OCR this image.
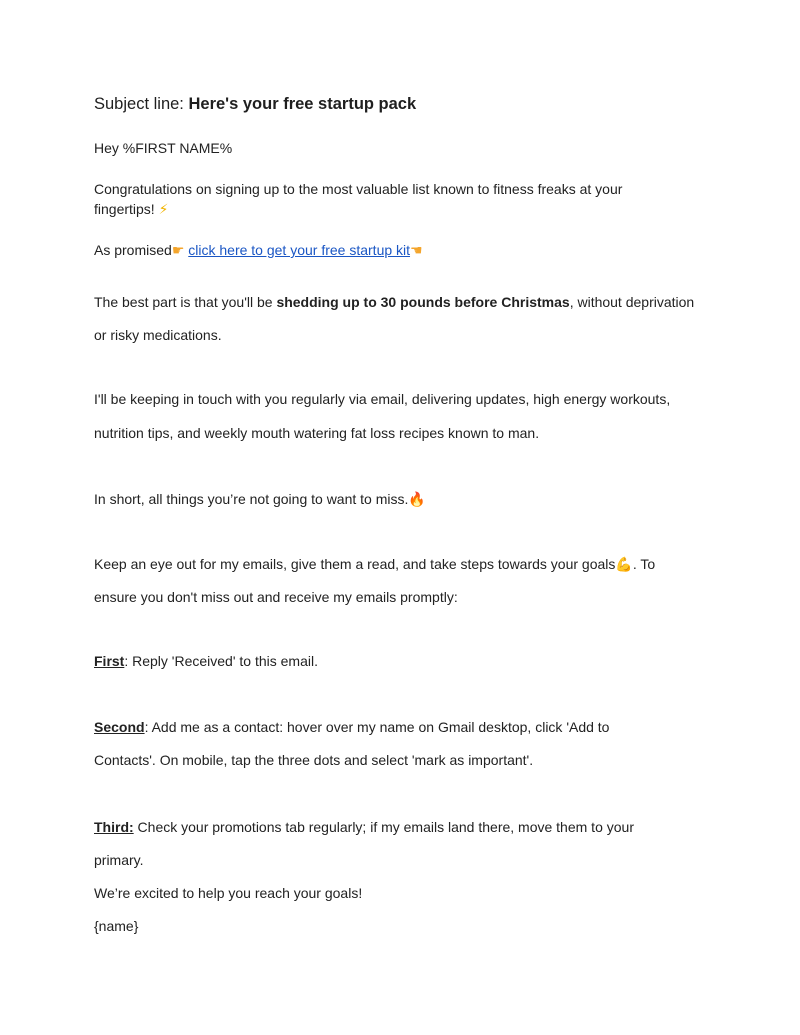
Subject line: Here's your free startup pack
Hey %FIRST NAME%
Congratulations on signing up to the most valuable list known to fitness freaks at your
fingertips! ⚡
As promised☛ click here to get your free startup kit☚
The best part is that you'll be shedding up to 30 pounds before Christmas, without deprivation
or risky medications.
I'll be keeping in touch with you regularly via email, delivering updates, high energy workouts,
nutrition tips, and weekly mouth watering fat loss recipes known to man.
In short, all things you’re not going to want to miss.🔥
Keep an eye out for my emails, give them a read, and take steps towards your goals💪. To
ensure you don't miss out and receive my emails promptly:
First: Reply 'Received' to this email.
Second: Add me as a contact: hover over my name on Gmail desktop, click 'Add to
Contacts'. On mobile, tap the three dots and select 'mark as important'.
Third: Check your promotions tab regularly; if my emails land there, move them to your
primary.
We’re excited to help you reach your goals!
{name}
